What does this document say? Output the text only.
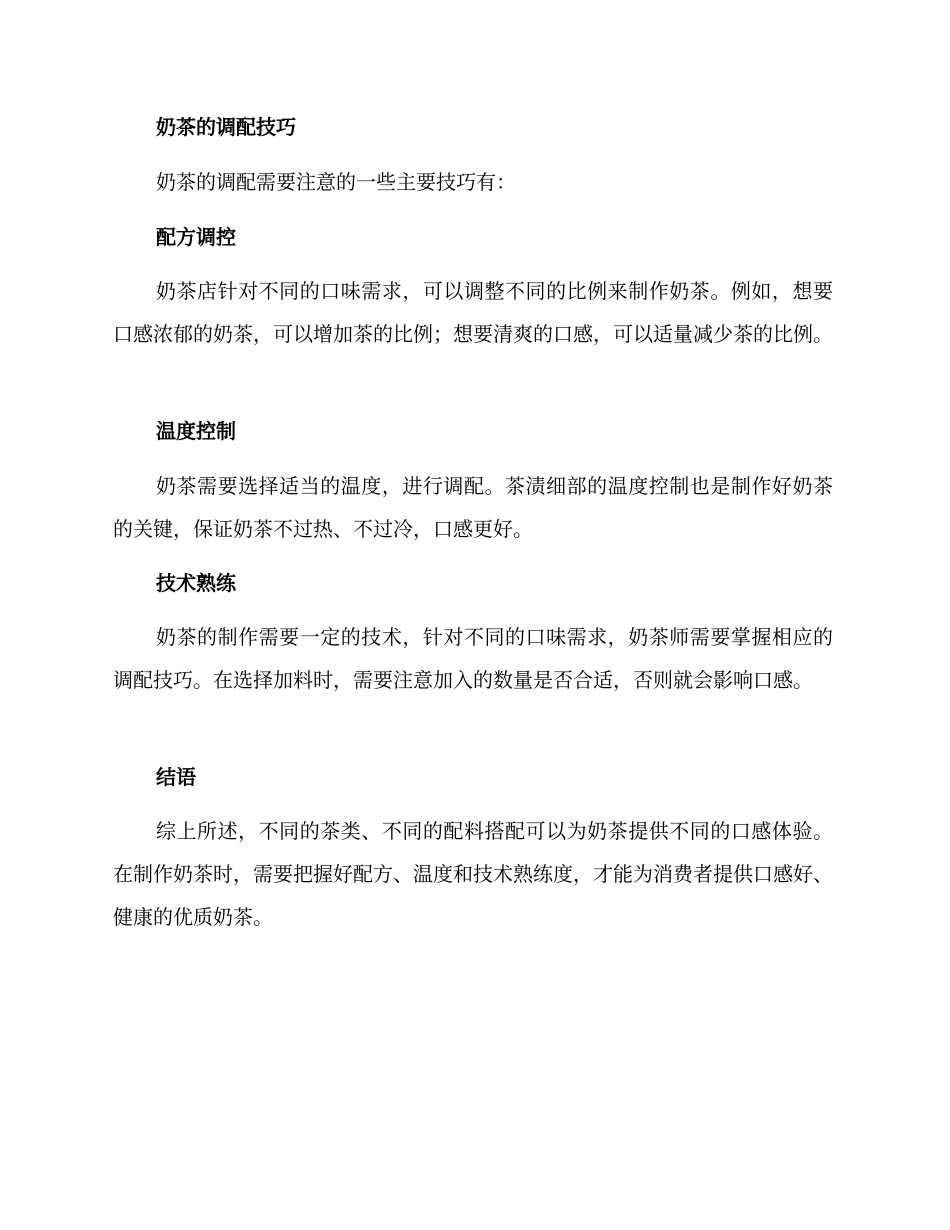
奶茶的调配技巧
奶茶的调配需要注意的一些主要技巧有：
配方调控
奶茶店针对不同的口味需求，可以调整不同的比例来制作奶茶。例如，想要口感浓郁的奶茶，可以增加茶的比例；想要清爽的口感，可以适量减少茶的比例。
温度控制
奶茶需要选择适当的温度，进行调配。茶渍细部的温度控制也是制作好奶茶的关键，保证奶茶不过热、不过冷，口感更好。
技术熟练
奶茶的制作需要一定的技术，针对不同的口味需求，奶茶师需要掌握相应的调配技巧。在选择加料时，需要注意加入的数量是否合适，否则就会影响口感。
结语
综上所述，不同的茶类、不同的配料搭配可以为奶茶提供不同的口感体验。在制作奶茶时，需要把握好配方、温度和技术熟练度，才能为消费者提供口感好、健康的优质奶茶。
